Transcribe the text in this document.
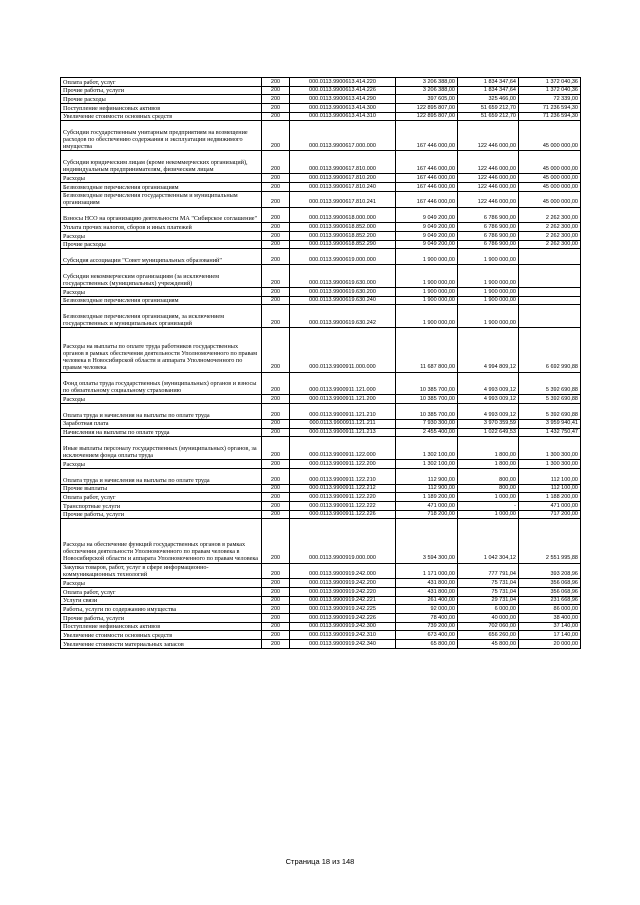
Оплата работ, услуг	200	000.0113.9900613.414.220	3 206 388,00	1 834 347,64	1 372 040,36
Прочие работы, услуги	200	000.0113.9900613.414.226	3 206 388,00	1 834 347,64	1 372 040,36
Прочие расходы	200	000.0113.9900613.414.290	397 605,00	325 466,00	72 339,00
Поступление нефинансовых активов	200	000.0113.9900613.414.300	122 895 807,00	51 659 212,70	71 236 594,30
Увеличение стоимости основных средств	200	000.0113.9900613.414.310	122 895 807,00	51 659 212,70	71 236 594,30
Субсидии государственным унитарным предприятиям на возмещение расходов по обеспечению содержания и эксплуатации недвижимого имущества	200	000.0113.9900617.000.000	167 446 000,00	122 446 000,00	45 000 000,00
Субсидии юридическим лицам (кроме некоммерческих организаций), индивидуальным предпринимателям, физическим лицам	200	000.0113.9900617.810.000	167 446 000,00	122 446 000,00	45 000 000,00
Расходы	200	000.0113.9900617.810.200	167 446 000,00	122 446 000,00	45 000 000,00
Безвозмездные перечисления организациям	200	000.0113.9900617.810.240	167 446 000,00	122 446 000,00	45 000 000,00
Безвозмездные перечисления государственным и муниципальным организациям	200	000.0113.9900617.810.241	167 446 000,00	122 446 000,00	45 000 000,00
Взносы НСО на организацию деятельности МА "Сибирское соглашение"	200	000.0113.9900618.000.000	9 049 200,00	6 786 900,00	2 262 300,00
Уплата прочих налогов, сборов и иных платежей	200	000.0113.9900618.852.000	9 049 200,00	6 786 900,00	2 262 300,00
Расходы	200	000.0113.9900618.852.200	9 049 200,00	6 786 900,00	2 262 300,00
Прочие расходы	200	000.0113.9900618.852.290	9 049 200,00	6 786 900,00	2 262 300,00
Субсидия ассоциации "Совет муниципальных образований"	200	000.0113.9900619.000.000	1 900 000,00	1 900 000,00	
Субсидии некоммерческим организациям (за исключением государственных (муниципальных) учреждений)	200	000.0113.9900619.630.000	1 900 000,00	1 900 000,00	
Расходы	200	000.0113.9900619.630.200	1 900 000,00	1 900 000,00	
Безвозмездные перечисления организациям	200	000.0113.9900619.630.240	1 900 000,00	1 900 000,00	
Безвозмездные перечисления организациям, за исключением государственных и муниципальных организаций	200	000.0113.9900619.630.242	1 900 000,00	1 900 000,00	
Расходы на выплаты по оплате труда работников государственных органов в рамках обеспечения деятельности Уполномоченного по правам человека в Новосибирской области и аппарата Уполномоченного по правам человека	200	000.0113.9900911.000.000	11 687 800,00	4 994 809,12	6 692 990,88
Фонд оплаты труда государственных (муниципальных) органов и взносы по обязательному социальному страхованию	200	000.0113.9900911.121.000	10 385 700,00	4 993 009,12	5 392 690,88
Расходы	200	000.0113.9900911.121.200	10 385 700,00	4 993 009,12	5 392 690,88
Оплата труда и начисления на выплаты по оплате труда	200	000.0113.9900911.121.210	10 385 700,00	4 993 009,12	5 392 690,88
Заработная плата	200	000.0113.9900911.121.211	7 930 300,00	3 970 359,59	3 959 940,41
Начисления на выплаты по оплате труда	200	000.0113.9900911.121.213	2 455 400,00	1 022 649,53	1 432 750,47
Иные выплаты персоналу государственных (муниципальных) органов, за исключением фонда оплаты труда	200	000.0113.9900911.122.000	1 302 100,00	1 800,00	1 300 300,00
Расходы	200	000.0113.9900911.122.200	1 302 100,00	1 800,00	1 300 300,00
Оплата труда и начисления на выплаты по оплате труда	200	000.0113.9900911.122.210	112 900,00	800,00	112 100,00
Прочие выплаты	200	000.0113.9900911.122.212	112 900,00	800,00	112 100,00
Оплата работ, услуг	200	000.0113.9900911.122.220	1 189 200,00	1 000,00	1 188 200,00
Транспортные услуги	200	000.0113.9900911.122.222	471 000,00	-	471 000,00
Прочие работы, услуги	200	000.0113.9900911.122.226	718 200,00	1 000,00	717 200,00
Расходы на обеспечение функций государственных органов в рамках обеспечения деятельности Уполномоченного по правам человека в Новосибирской области и аппарата Уполномоченного по правам человека	200	000.0113.9900919.000.000	3 594 300,00	1 042 304,12	2 551 995,88
Закупка товаров, работ, услуг в сфере информационно-коммуникационных технологий	200	000.0113.9900919.242.000	1 171 000,00	777 791,04	393 208,96
Расходы	200	000.0113.9900919.242.200	431 800,00	75 731,04	356 068,96
Оплата работ, услуг	200	000.0113.9900919.242.220	431 800,00	75 731,04	356 068,96
Услуги связи	200	000.0113.9900919.242.221	261 400,00	29 731,04	231 668,96
Работы, услуги по содержанию имущества	200	000.0113.9900919.242.225	92 000,00	6 000,00	86 000,00
Прочие работы, услуги	200	000.0113.9900919.242.226	78 400,00	40 000,00	38 400,00
Поступление нефинансовых активов	200	000.0113.9900919.242.300	739 200,00	702 060,00	37 140,00
Увеличение стоимости основных средств	200	000.0113.9900919.242.310	673 400,00	656 260,00	17 140,00
Увеличение стоимости материальных запасов	200	000.0113.9900919.242.340	65 800,00	45 800,00	20 000,00
Страница 18 из 148
